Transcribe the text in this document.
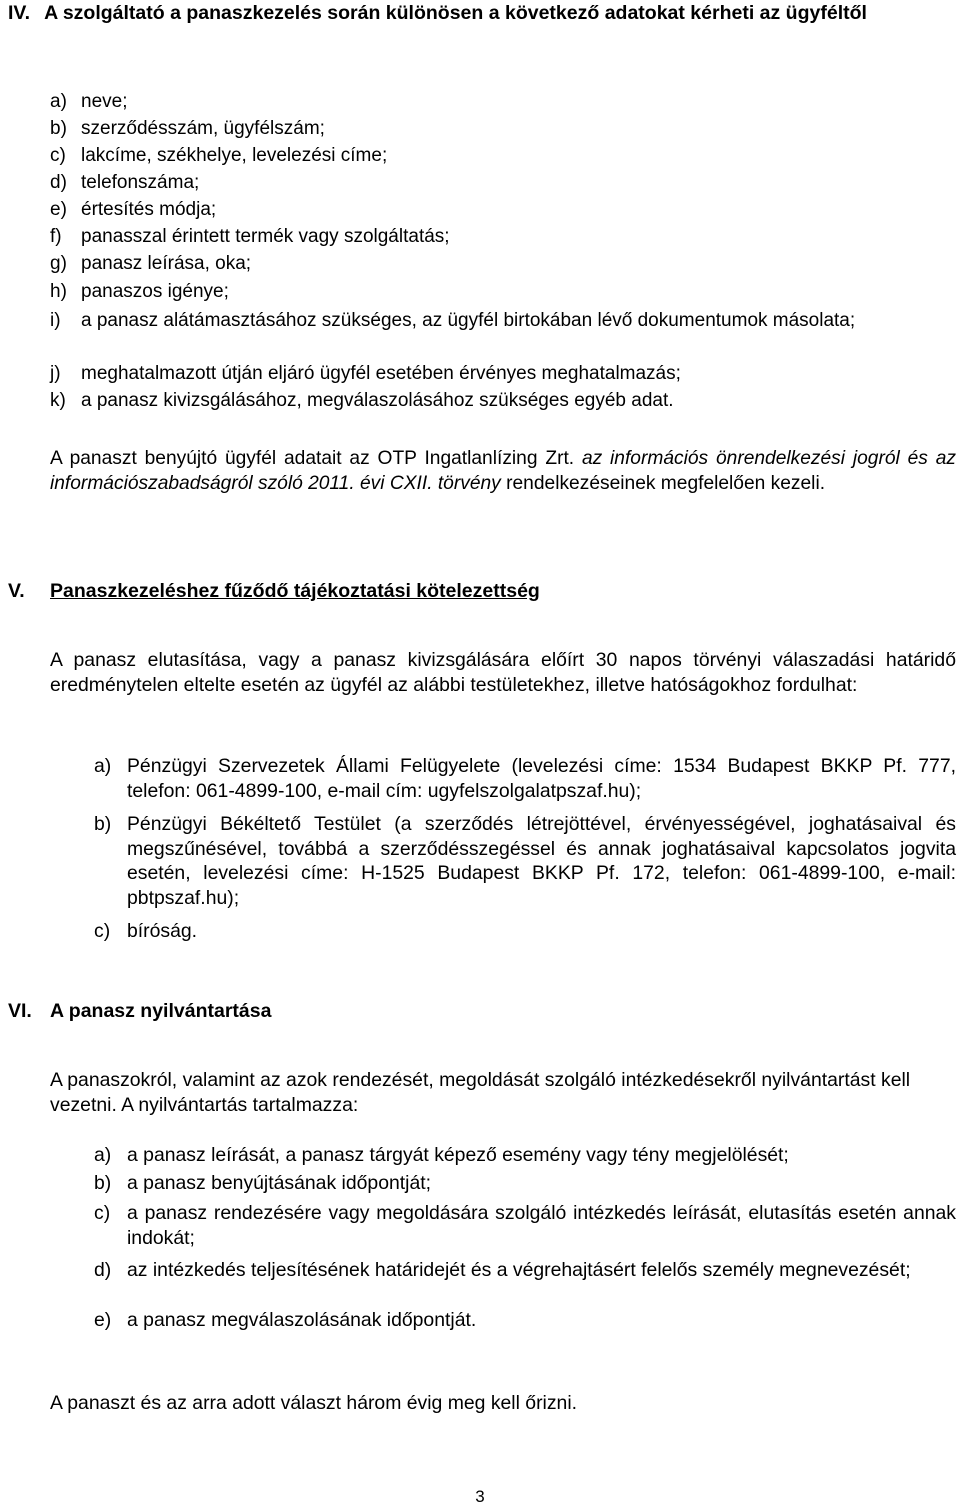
IV. A szolgáltató a panaszkezelés során különösen a következő adatokat kérheti az ügyféltől
a) neve;
b) szerződésszám, ügyfélszám;
c) lakcíme, székhelye, levelezési címe;
d) telefonszáma;
e) értesítés módja;
f)	panasszal érintett termék vagy szolgáltatás;
g) panasz leírása, oka;
h) panaszos igénye;
i)	a panasz alátámasztásához szükséges, az ügyfél birtokában lévő dokumentumok másolata;
j)	meghatalmazott útján eljáró ügyfél esetében érvényes meghatalmazás;
k) a panasz kivizsgálásához, megválaszolásához szükséges egyéb adat.
A panaszt benyújtó ügyfél adatait az OTP Ingatlanlízing Zrt. az információs önrendelkezési jogról és az információszabadságról szóló 2011. évi CXII. törvény rendelkezéseinek megfelelően kezeli.
V. Panaszkezeléshez fűződő tájékoztatási kötelezettség
A panasz elutasítása, vagy a panasz kivizsgálására előírt 30 napos törvényi válaszadási határidő eredménytelen eltelte esetén az ügyfél az alábbi testületekhez, illetve hatóságokhoz fordulhat:
a) Pénzügyi Szervezetek Állami Felügyelete (levelezési címe: 1534 Budapest BKKP Pf. 777, telefon: 061-4899-100, e-mail cím: ugyfelszolgalatpszaf.hu);
b) Pénzügyi Békéltető Testület (a szerződés létrejöttével, érvényességével, joghatásaival és megszűnésével, továbbá a szerződésszegéssel és annak joghatásaival kapcsolatos jogvita esetén, levelezési címe: H-1525 Budapest BKKP Pf. 172, telefon: 061-4899-100, e-mail: pbtpszaf.hu);
c) bíróság.
VI. A panasz nyilvántartása
A panaszokról, valamint az azok rendezését, megoldását szolgáló intézkedésekről nyilvántartást kell vezetni. A nyilvántartás tartalmazza:
a) a panasz leírását, a panasz tárgyát képező esemény vagy tény megjelölését;
b) a panasz benyújtásának időpontját;
c) a panasz rendezésére vagy megoldására szolgáló intézkedés leírását, elutasítás esetén annak indokát;
d) az intézkedés teljesítésének határidejét és a végrehajtásért felelős személy megnevezését;
e) a panasz megválaszolásának időpontját.
A panaszt és az arra adott választ három évig meg kell őrizni.
3
